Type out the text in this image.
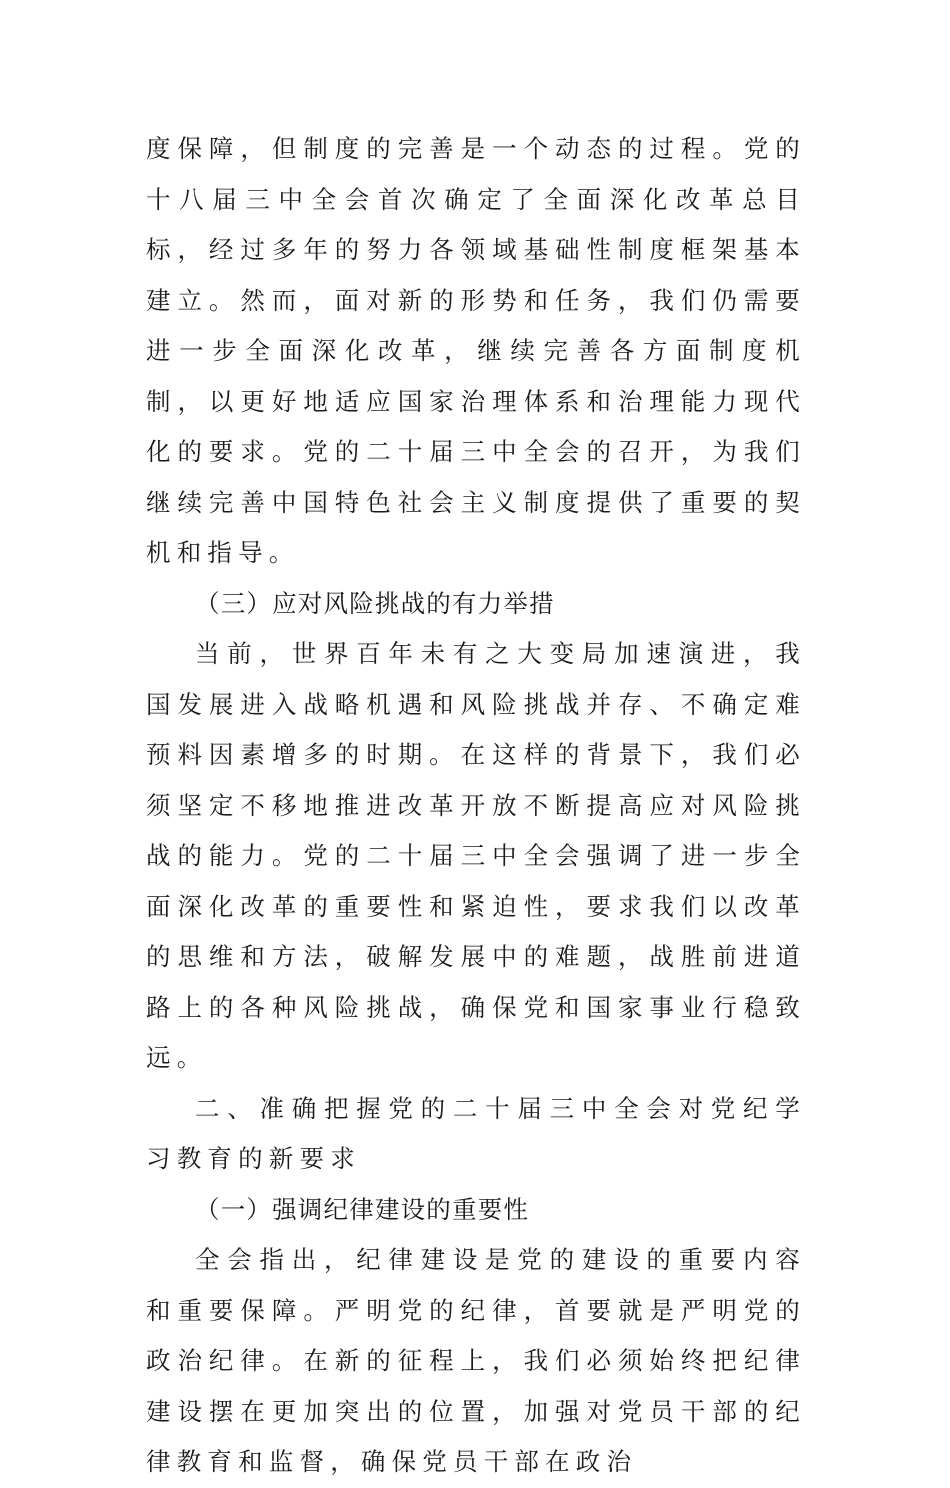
度保障，但制度的完善是一个动态的过程。党的十八届三中全会首次确定了全面深化改革总目标，经过多年的努力各领域基础性制度框架基本建立。然而，面对新的形势和任务，我们仍需要进一步全面深化改革，继续完善各方面制度机制，以更好地适应国家治理体系和治理能力现代化的要求。党的二十届三中全会的召开，为我们继续完善中国特色社会主义制度提供了重要的契机和指导。

（三）应对风险挑战的有力举措

当前，世界百年未有之大变局加速演进，我国发展进入战略机遇和风险挑战并存、不确定难预料因素增多的时期。在这样的背景下，我们必须坚定不移地推进改革开放不断提高应对风险挑战的能力。党的二十届三中全会强调了进一步全面深化改革的重要性和紧迫性，要求我们以改革的思维和方法，破解发展中的难题，战胜前进道路上的各种风险挑战，确保党和国家事业行稳致远。

二、准确把握党的二十届三中全会对党纪学习教育的新要求

（一）强调纪律建设的重要性

全会指出，纪律建设是党的建设的重要内容和重要保障。严明党的纪律，首要就是严明党的政治纪律。在新的征程上，我们必须始终把纪律建设摆在更加突出的位置，加强对党员干部的纪律教育和监督，确保党员干部在政治
